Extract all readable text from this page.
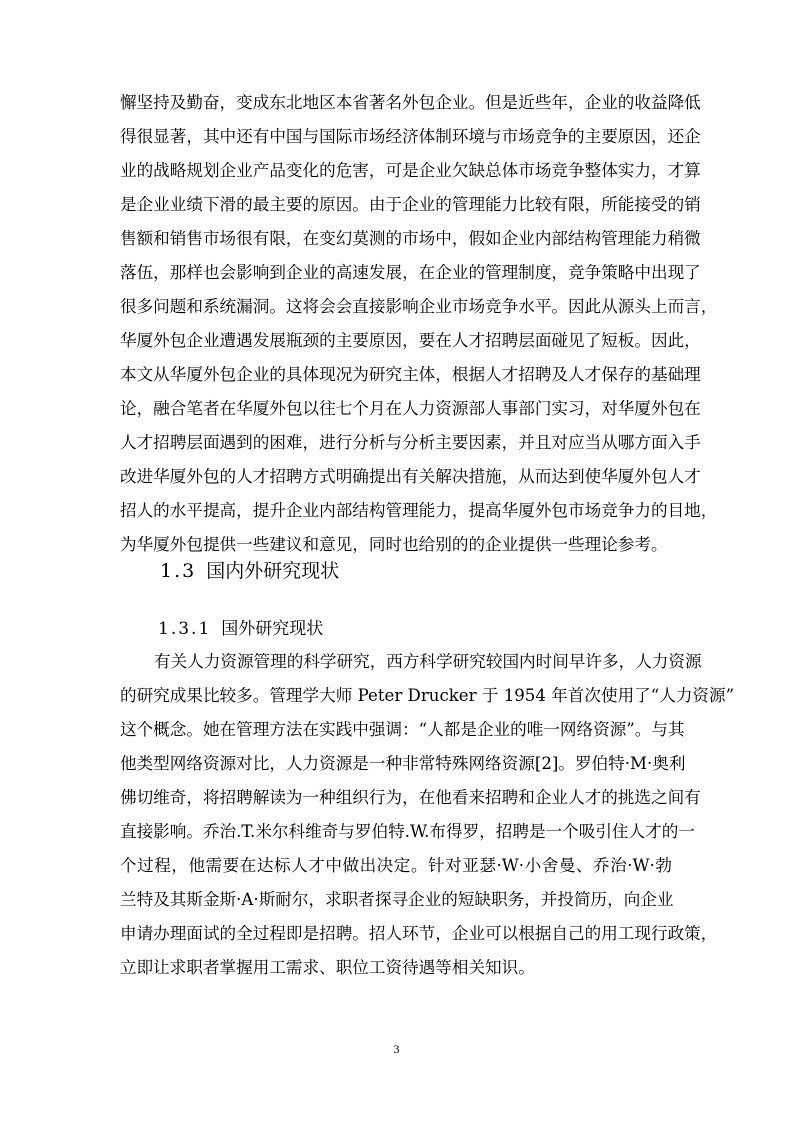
懈坚持及勤奋，变成东北地区本省著名外包企业。但是近些年，企业的收益降低
得很显著，其中还有中国与国际市场经济体制环境与市场竞争的主要原因，还企
业的战略规划企业产品变化的危害，可是企业欠缺总体市场竞争整体实力，才算
是企业业绩下滑的最主要的原因。由于企业的管理能力比较有限，所能接受的销
售额和销售市场很有限，在变幻莫测的市场中，假如企业内部结构管理能力稍微
落伍，那样也会影响到企业的高速发展，在企业的管理制度，竞争策略中出现了
很多问题和系统漏洞。这将会会直接影响企业市场竞争水平。因此从源头上而言，
华厦外包企业遭遇发展瓶颈的主要原因，要在人才招聘层面碰见了短板。因此，
本文从华厦外包企业的具体现况为研究主体，根据人才招聘及人才保存的基础理
论，融合笔者在华厦外包以往七个月在人力资源部人事部门实习，对华厦外包在
人才招聘层面遇到的困难，进行分析与分析主要因素，并且对应当从哪方面入手
改进华厦外包的人才招聘方式明确提出有关解决措施，从而达到使华厦外包人才
招人的水平提高，提升企业内部结构管理能力，提高华厦外包市场竞争力的目地，
为华厦外包提供一些建议和意见，同时也给别的的企业提供一些理论参考。
1.3 国内外研究现状
1.3.1 国外研究现状
有关人力资源管理的科学研究，西方科学研究较国内时间早许多，人力资源
的研究成果比较多。管理学大师 Peter Drucker 于 1954 年首次使用了“人力资源”
这个概念。她在管理方法在实践中强调：“人都是企业的唯一网络资源”。与其
他类型网络资源对比，人力资源是一种非常特殊网络资源[2]。罗伯特·M·奥利
佛切维奇，将招聘解读为一种组织行为，在他看来招聘和企业人才的挑选之间有
直接影响。乔治.T.米尔科维奇与罗伯特.W.布得罗，招聘是一个吸引住人才的一
个过程，他需要在达标人才中做出决定。针对亚瑟·W·小舍曼、乔治·W·勃
兰特及其斯金斯·A·斯耐尔，求职者探寻企业的短缺职务，并投简历，向企业
申请办理面试的全过程即是招聘。招人环节，企业可以根据自己的用工现行政策，
立即让求职者掌握用工需求、职位工资待遇等相关知识。
3
